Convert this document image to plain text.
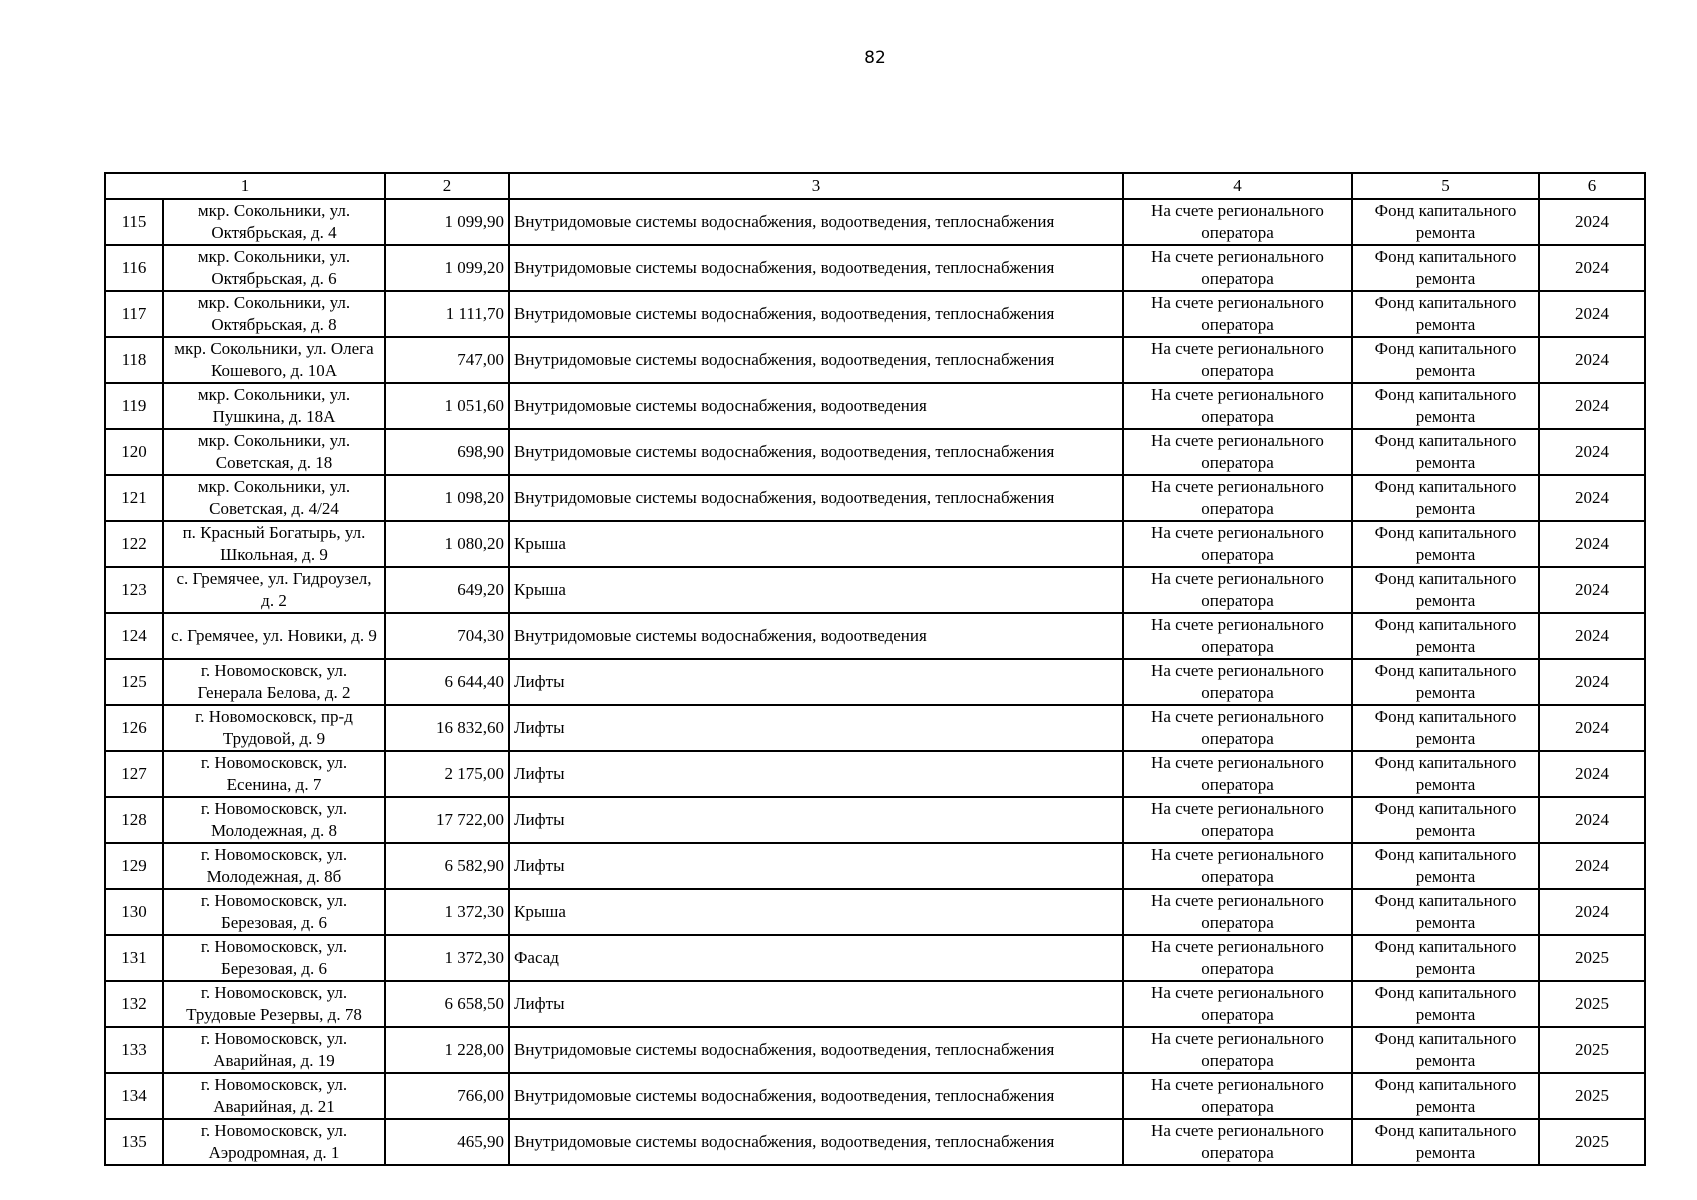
82
1		2	3	4	5	6
115	мкр. Сокольники, ул. Октябрьская, д. 4	1 099,90	Внутридомовые системы водоснабжения, водоотведения, теплоснабжения	На счете регионального оператора	Фонд капитального ремонта	2024
116	мкр. Сокольники, ул. Октябрьская, д. 6	1 099,20	Внутридомовые системы водоснабжения, водоотведения, теплоснабжения	На счете регионального оператора	Фонд капитального ремонта	2024
117	мкр. Сокольники, ул. Октябрьская, д. 8	1 111,70	Внутридомовые системы водоснабжения, водоотведения, теплоснабжения	На счете регионального оператора	Фонд капитального ремонта	2024
118	мкр. Сокольники, ул. Олега Кошевого, д. 10А	747,00	Внутридомовые системы водоснабжения, водоотведения, теплоснабжения	На счете регионального оператора	Фонд капитального ремонта	2024
119	мкр. Сокольники, ул. Пушкина, д. 18А	1 051,60	Внутридомовые системы водоснабжения, водоотведения	На счете регионального оператора	Фонд капитального ремонта	2024
120	мкр. Сокольники, ул. Советская, д. 18	698,90	Внутридомовые системы водоснабжения, водоотведения, теплоснабжения	На счете регионального оператора	Фонд капитального ремонта	2024
121	мкр. Сокольники, ул. Советская, д. 4/24	1 098,20	Внутридомовые системы водоснабжения, водоотведения, теплоснабжения	На счете регионального оператора	Фонд капитального ремонта	2024
122	п. Красный Богатырь, ул. Школьная, д. 9	1 080,20	Крыша	На счете регионального оператора	Фонд капитального ремонта	2024
123	с. Гремячее, ул. Гидроузел, д. 2	649,20	Крыша	На счете регионального оператора	Фонд капитального ремонта	2024
124	с. Гремячее, ул. Новики, д. 9	704,30	Внутридомовые системы водоснабжения, водоотведения	На счете регионального оператора	Фонд капитального ремонта	2024
125	г. Новомосковск, ул. Генерала Белова, д. 2	6 644,40	Лифты	На счете регионального оператора	Фонд капитального ремонта	2024
126	г. Новомосковск, пр-д Трудовой, д. 9	16 832,60	Лифты	На счете регионального оператора	Фонд капитального ремонта	2024
127	г. Новомосковск, ул. Есенина, д. 7	2 175,00	Лифты	На счете регионального оператора	Фонд капитального ремонта	2024
128	г. Новомосковск, ул. Молодежная, д. 8	17 722,00	Лифты	На счете регионального оператора	Фонд капитального ремонта	2024
129	г. Новомосковск, ул. Молодежная, д. 8б	6 582,90	Лифты	На счете регионального оператора	Фонд капитального ремонта	2024
130	г. Новомосковск, ул. Березовая, д. 6	1 372,30	Крыша	На счете регионального оператора	Фонд капитального ремонта	2024
131	г. Новомосковск, ул. Березовая, д. 6	1 372,30	Фасад	На счете регионального оператора	Фонд капитального ремонта	2025
132	г. Новомосковск, ул. Трудовые Резервы, д. 78	6 658,50	Лифты	На счете регионального оператора	Фонд капитального ремонта	2025
133	г. Новомосковск, ул. Аварийная, д. 19	1 228,00	Внутридомовые системы водоснабжения, водоотведения, теплоснабжения	На счете регионального оператора	Фонд капитального ремонта	2025
134	г. Новомосковск, ул. Аварийная, д. 21	766,00	Внутридомовые системы водоснабжения, водоотведения, теплоснабжения	На счете регионального оператора	Фонд капитального ремонта	2025
135	г. Новомосковск, ул. Аэродромная, д. 1	465,90	Внутридомовые системы водоснабжения, водоотведения, теплоснабжения	На счете регионального оператора	Фонд капитального ремонта	2025
